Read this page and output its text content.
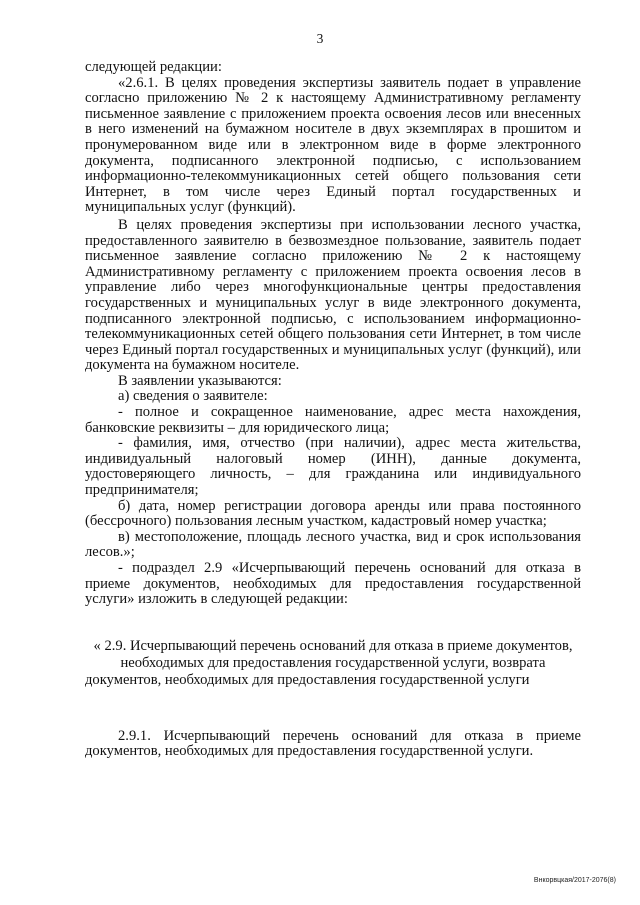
3

следующей редакции:

«2.6.1. В целях проведения экспертизы заявитель подает в управление согласно приложению № 2 к настоящему Административному регламенту письменное заявление с приложением проекта освоения лесов или внесенных в него изменений на бумажном носителе в двух экземплярах в прошитом и пронумерованном виде или в электронном виде в форме электронного документа, подписанного электронной подписью, с использованием информационно-телекоммуникационных сетей общего пользования сети Интернет, в том числе через Единый портал государственных и муниципальных услуг (функций).

В целях проведения экспертизы при использовании лесного участка, предоставленного заявителю в безвозмездное пользование, заявитель подает письменное заявление согласно приложению № 2 к настоящему Административному регламенту с приложением проекта освоения лесов в управление либо через многофункциональные центры предоставления государственных и муниципальных услуг в виде электронного документа, подписанного электронной подписью, с использованием информационно-телекоммуникационных сетей общего пользования сети Интернет, в том числе через Единый портал государственных и муниципальных услуг (функций), или документа на бумажном носителе.

В заявлении указываются:

а) сведения о заявителе:

- полное и сокращенное наименование, адрес места нахождения, банковские реквизиты – для юридического лица;

- фамилия, имя, отчество (при наличии), адрес места жительства, индивидуальный налоговый номер (ИНН), данные документа, удостоверяющего личность, – для гражданина или индивидуального предпринимателя;

б) дата, номер регистрации договора аренды или права постоянного (бессрочного) пользования лесным участком, кадастровый номер участка;

в) местоположение, площадь лесного участка, вид и срок использования лесов.»;

- подраздел 2.9 «Исчерпывающий перечень оснований для отказа в приеме документов, необходимых для предоставления государственной услуги» изложить в следующей редакции:

« 2.9. Исчерпывающий перечень оснований для отказа в приеме документов, необходимых для предоставления государственной услуги, возврата документов, необходимых для предоставления государственной услуги

2.9.1. Исчерпывающий перечень оснований для отказа в приеме документов, необходимых для предоставления государственной услуги.

Внкорвцкая/2017-2076(8)
